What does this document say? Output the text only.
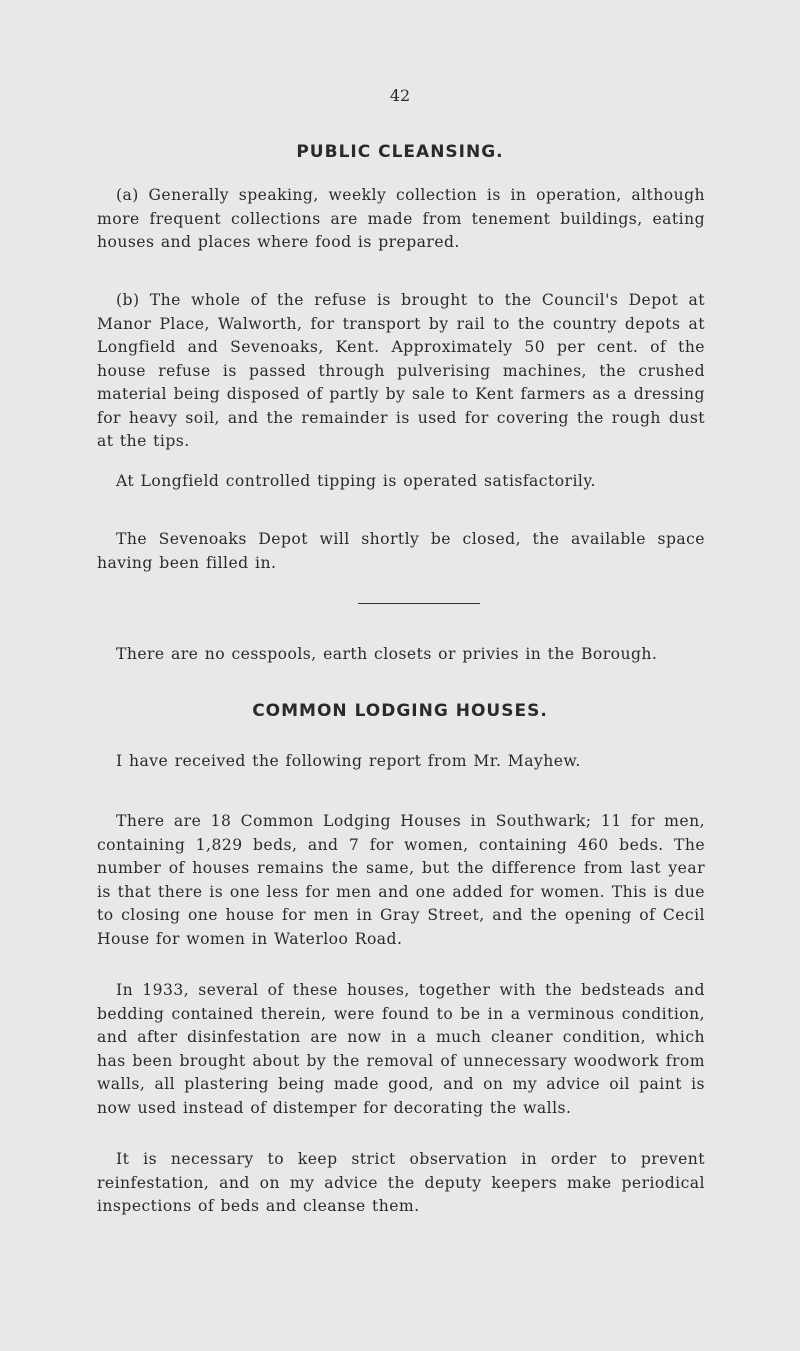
42
PUBLIC CLEANSING.

(a) Generally speaking, weekly collection is in operation, although more frequent collections are made from tenement buildings, eating houses and places where food is prepared.

(b) The whole of the refuse is brought to the Council's Depot at Manor Place, Walworth, for transport by rail to the country depots at Longfield and Sevenoaks, Kent. Approximately 50 per cent. of the house refuse is passed through pulverising machines, the crushed material being disposed of partly by sale to Kent farmers as a dressing for heavy soil, and the remainder is used for covering the rough dust at the tips.

At Longfield controlled tipping is operated satisfactorily.

The Sevenoaks Depot will shortly be closed, the available space having been filled in.

There are no cesspools, earth closets or privies in the Borough.

COMMON LODGING HOUSES.

I have received the following report from Mr. Mayhew.

There are 18 Common Lodging Houses in Southwark; 11 for men, containing 1,829 beds, and 7 for women, containing 460 beds. The number of houses remains the same, but the difference from last year is that there is one less for men and one added for women. This is due to closing one house for men in Gray Street, and the opening of Cecil House for women in Waterloo Road.

In 1933, several of these houses, together with the bedsteads and bedding contained therein, were found to be in a verminous condition, and after disinfestation are now in a much cleaner condition, which has been brought about by the removal of unnecessary woodwork from walls, all plastering being made good, and on my advice oil paint is now used instead of distemper for decorating the walls.

It is necessary to keep strict observation in order to prevent reinfestation, and on my advice the deputy keepers make periodical inspections of beds and cleanse them.
